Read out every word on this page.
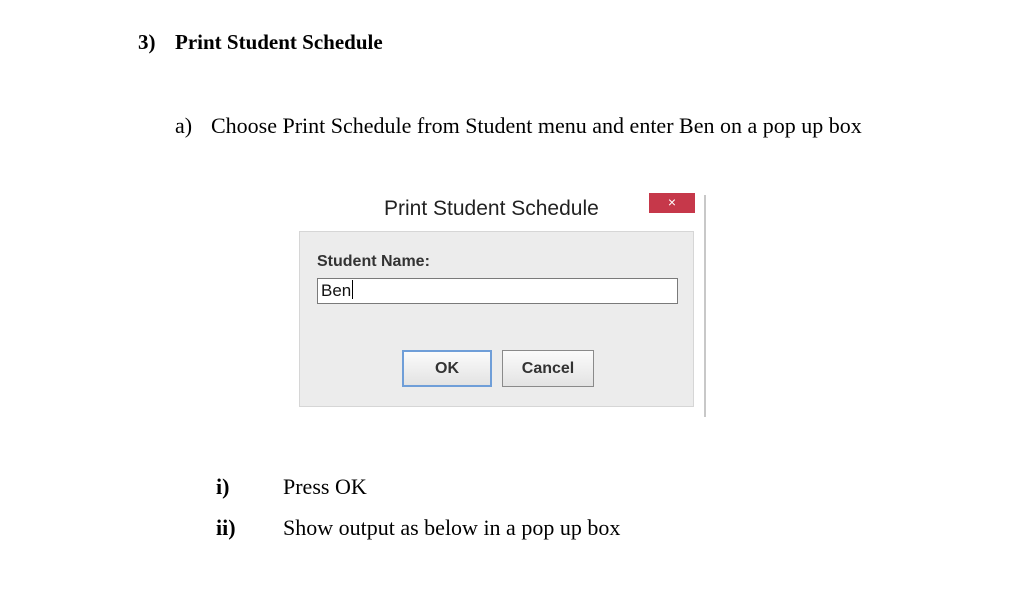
3) Print Student Schedule
a) Choose Print Schedule from Student menu and enter Ben on a pop up box
Print Student Schedule	×
Student Name:
Ben
OK	Cancel
i) Press OK
ii) Show output as below in a pop up box
